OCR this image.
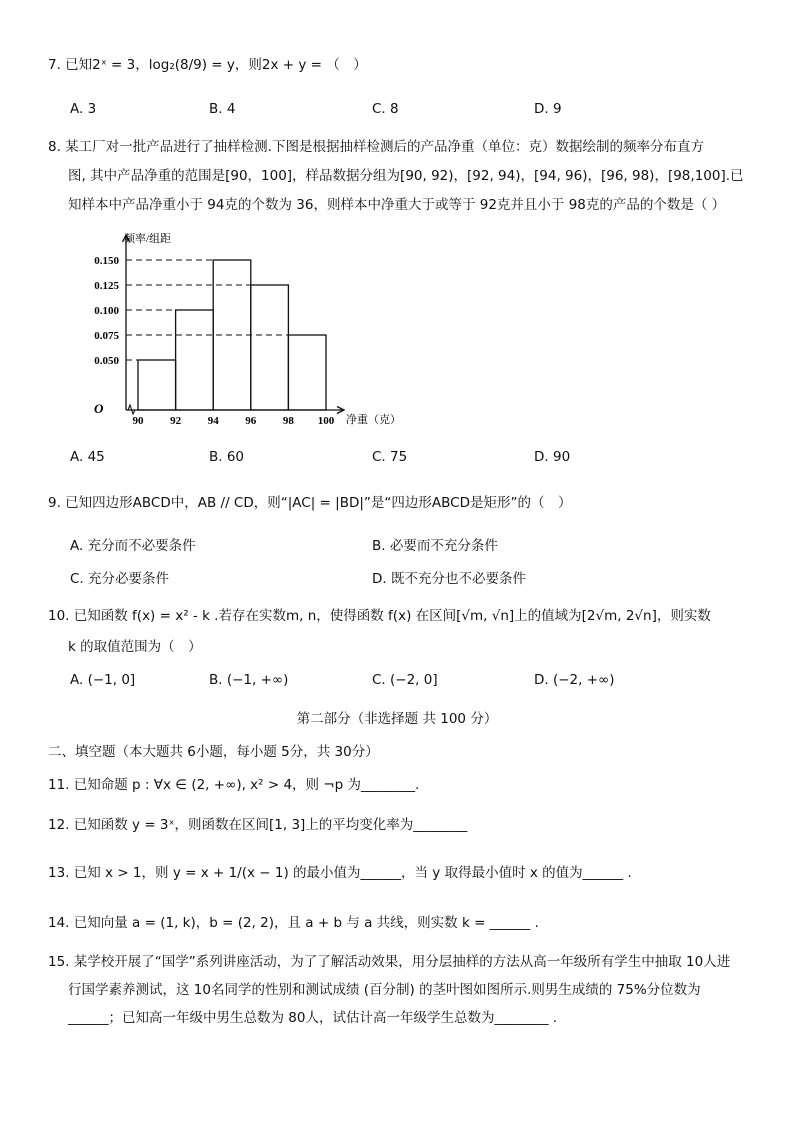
7. 已知2ˣ = 3，log₂(8/9) = y，则2x + y = （　）
A. 3	B. 4	C. 8	D. 9
8. 某工厂对一批产品进行了抽样检测.下图是根据抽样检测后的产品净重（单位：克）数据绘制的频率分布直方
图, 其中产品净重的范围是[90，100]，样品数据分组为[90, 92)，[92, 94)，[94, 96)，[96, 98)，[98,100].已
知样本中产品净重小于 94克的个数为 36，则样本中净重大于或等于 92克并且小于 98克的产品的个数是（ ）
0.150
0.125
0.100
0.075
0.050
90 92 94 96 98 100
频率/组距
净重（克）
O
A. 45	B. 60	C. 75	D. 90
9. 已知四边形ABCD中，AB // CD，则“|AC| = |BD|”是“四边形ABCD是矩形”的（　）
A. 充分而不必要条件	B. 必要而不充分条件
C. 充分必要条件	D. 既不充分也不必要条件
10. 已知函数 f(x) = x² - k .若存在实数m, n，使得函数 f(x) 在区间[√m, √n]上的值域为[2√m, 2√n]，则实数
k 的取值范围为（　）
A. (−1, 0]	B. (−1, +∞)	C. (−2, 0]	D. (−2, +∞)
第二部分（非选择题 共 100 分）
二、填空题（本大题共 6小题，每小题 5分，共 30分）
11. 已知命题 p : ∀x ∈ (2, +∞), x² > 4，则 ¬p 为________.
12. 已知函数 y = 3ˣ，则函数在区间[1, 3]上的平均变化率为________
13. 已知 x > 1，则 y = x + 1/(x − 1) 的最小值为______，当 y 取得最小值时 x 的值为______ .
14. 已知向量 a = (1, k)，b = (2, 2)，且 a + b 与 a 共线，则实数 k = ______ .
15. 某学校开展了“国学”系列讲座活动，为了了解活动效果，用分层抽样的方法从高一年级所有学生中抽取 10人进
行国学素养测试，这 10名同学的性别和测试成绩 (百分制) 的茎叶图如图所示.则男生成绩的 75%分位数为
______；已知高一年级中男生总数为 80人，试估计高一年级学生总数为________ .
